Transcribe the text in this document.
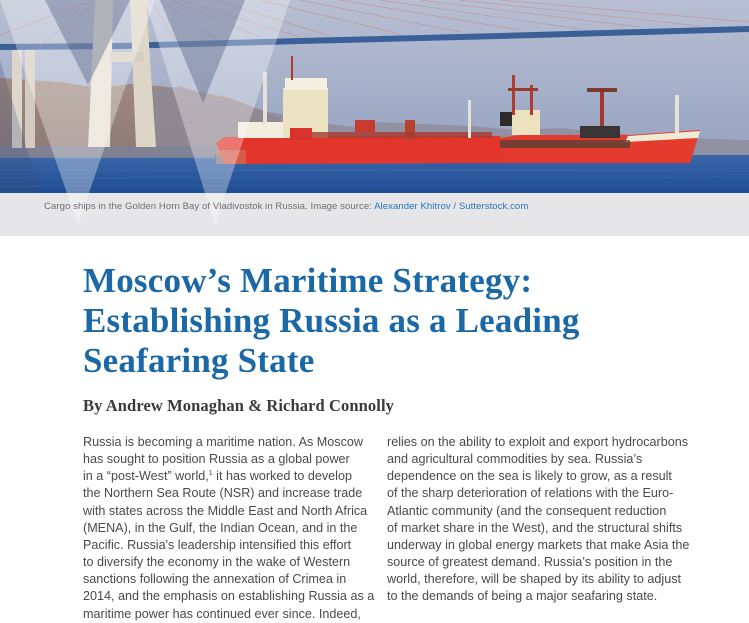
Cargo ships in the Golden Horn Bay of Vladivostok in Russia. Image source: Alexander Khitrov / Sutterstock.com
Moscow’s Maritime Strategy:
Establishing Russia as a Leading
Seafaring State

By Andrew Monaghan & Richard Connolly

Russia is becoming a maritime nation. As Moscow
has sought to position Russia as a global power
in a “post-West” world,$^1$ it has worked to develop
the Northern Sea Route (NSR) and increase trade
with states across the Middle East and North Africa
(MENA), in the Gulf, the Indian Ocean, and in the
Pacific. Russia's leadership intensified this effort
to diversify the economy in the wake of Western
sanctions following the annexation of Crimea in
2014, and the emphasis on establishing Russia as a
maritime power has continued ever since. Indeed,
relies on the ability to exploit and export hydrocarbons
and agricultural commodities by sea. Russia’s
dependence on the sea is likely to grow, as a result
of the sharp deterioration of relations with the Euro-
Atlantic community (and the consequent reduction
of market share in the West), and the structural shifts
underway in global energy markets that make Asia the
source of greatest demand. Russia’s position in the
world, therefore, will be shaped by its ability to adjust
to the demands of being a major seafaring state.
